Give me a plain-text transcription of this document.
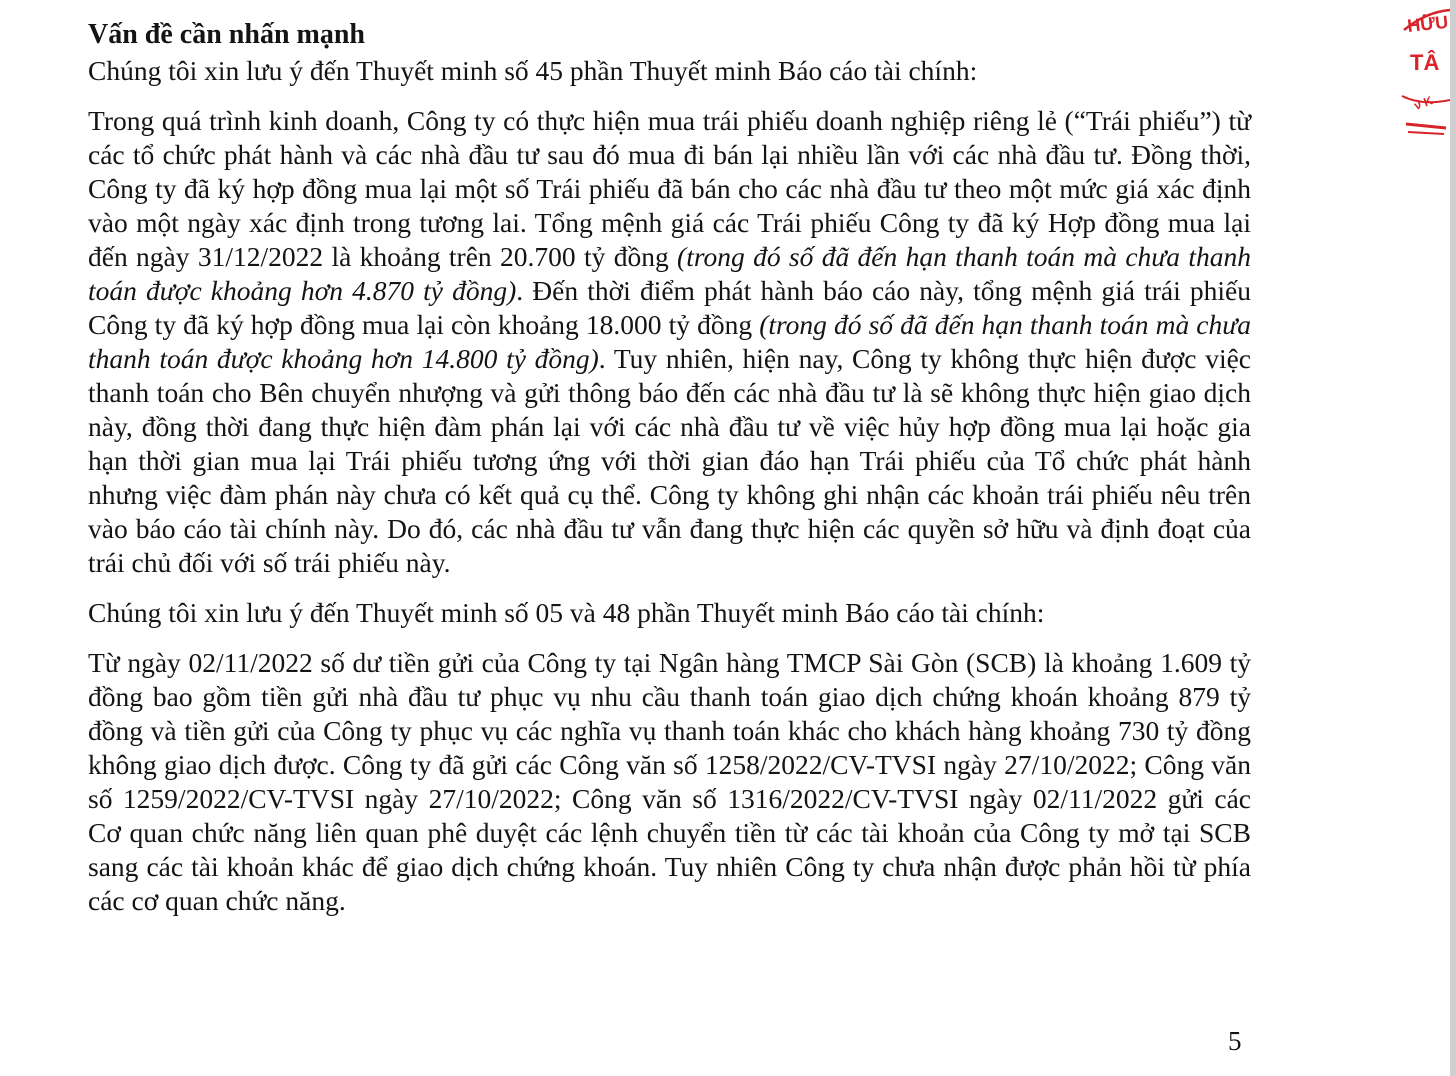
Vấn đề cần nhấn mạnh
Chúng tôi xin lưu ý đến Thuyết minh số 45 phần Thuyết minh Báo cáo tài chính:
Trong quá trình kinh doanh, Công ty có thực hiện mua trái phiếu doanh nghiệp riêng lẻ (“Trái phiếu”) từ các tổ chức phát hành và các nhà đầu tư sau đó mua đi bán lại nhiều lần với các nhà đầu tư. Đồng thời, Công ty đã ký hợp đồng mua lại một số Trái phiếu đã bán cho các nhà đầu tư theo một mức giá xác định vào một ngày xác định trong tương lai. Tổng mệnh giá các Trái phiếu Công ty đã ký Hợp đồng mua lại đến ngày 31/12/2022 là khoảng trên 20.700 tỷ đồng (trong đó số đã đến hạn thanh toán mà chưa thanh toán được khoảng hơn 4.870 tỷ đồng). Đến thời điểm phát hành báo cáo này, tổng mệnh giá trái phiếu Công ty đã ký hợp đồng mua lại còn khoảng 18.000 tỷ đồng (trong đó số đã đến hạn thanh toán mà chưa thanh toán được khoảng hơn 14.800 tỷ đồng). Tuy nhiên, hiện nay, Công ty không thực hiện được việc thanh toán cho Bên chuyển nhượng và gửi thông báo đến các nhà đầu tư là sẽ không thực hiện giao dịch này, đồng thời đang thực hiện đàm phán lại với các nhà đầu tư về việc hủy hợp đồng mua lại hoặc gia hạn thời gian mua lại Trái phiếu tương ứng với thời gian đáo hạn Trái phiếu của Tổ chức phát hành nhưng việc đàm phán này chưa có kết quả cụ thể. Công ty không ghi nhận các khoản trái phiếu nêu trên vào báo cáo tài chính này. Do đó, các nhà đầu tư vẫn đang thực hiện các quyền sở hữu và định đoạt của trái chủ đối với số trái phiếu này.
Chúng tôi xin lưu ý đến Thuyết minh số 05 và 48 phần Thuyết minh Báo cáo tài chính:
Từ ngày 02/11/2022 số dư tiền gửi của Công ty tại Ngân hàng TMCP Sài Gòn (SCB) là khoảng 1.609 tỷ đồng bao gồm tiền gửi nhà đầu tư phục vụ nhu cầu thanh toán giao dịch chứng khoán khoảng 879 tỷ đồng và tiền gửi của Công ty phục vụ các nghĩa vụ thanh toán khác cho khách hàng khoảng 730 tỷ đồng không giao dịch được. Công ty đã gửi các Công văn số 1258/2022/CV-TVSI ngày 27/10/2022; Công văn số 1259/2022/CV-TVSI ngày 27/10/2022; Công văn số 1316/2022/CV-TVSI ngày 02/11/2022 gửi các Cơ quan chức năng liên quan phê duyệt các lệnh chuyển tiền từ các tài khoản của Công ty mở tại SCB sang các tài khoản khác để giao dịch chứng khoán. Tuy nhiên Công ty chưa nhận được phản hồi từ phía các cơ quan chức năng.
5
HỮU
TÂ
ν Κ
